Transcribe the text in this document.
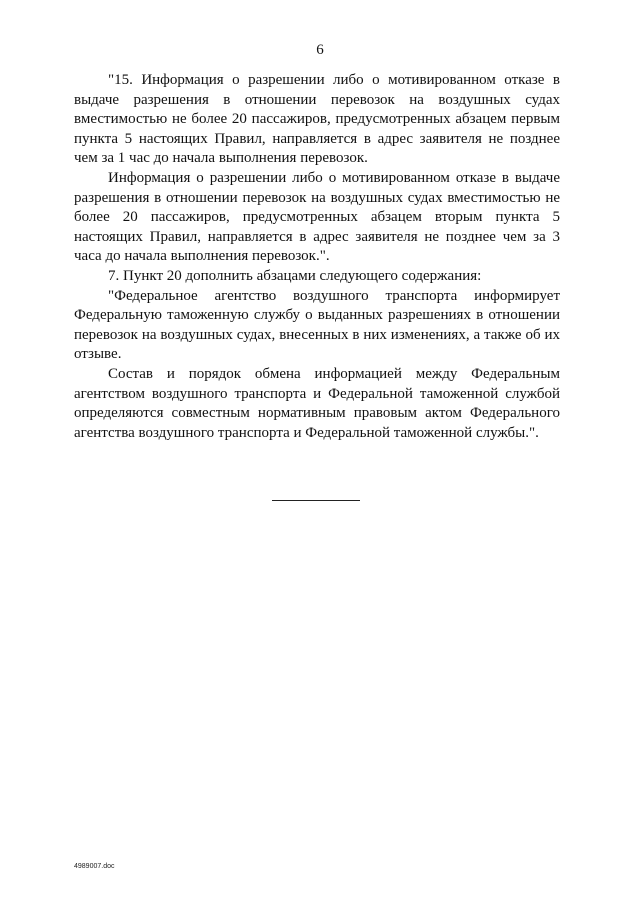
6

"15. Информация о разрешении либо о мотивированном отказе в выдаче разрешения в отношении перевозок на воздушных судах вместимостью не более 20 пассажиров, предусмотренных абзацем первым пункта 5 настоящих Правил, направляется в адрес заявителя не позднее чем за 1 час до начала выполнения перевозок.

Информация о разрешении либо о мотивированном отказе в выдаче разрешения в отношении перевозок на воздушных судах вместимостью не более 20 пассажиров, предусмотренных абзацем вторым пункта 5 настоящих Правил, направляется в адрес заявителя не позднее чем за 3 часа до начала выполнения перевозок.".

7. Пункт 20 дополнить абзацами следующего содержания:

"Федеральное агентство воздушного транспорта информирует Федеральную таможенную службу о выданных разрешениях в отношении перевозок на воздушных судах, внесенных в них изменениях, а также об их отзыве.

Состав и порядок обмена информацией между Федеральным агентством воздушного транспорта и Федеральной таможенной службой определяются совместным нормативным правовым актом Федерального агентства воздушного транспорта и Федеральной таможенной службы.".

4989007.doc
